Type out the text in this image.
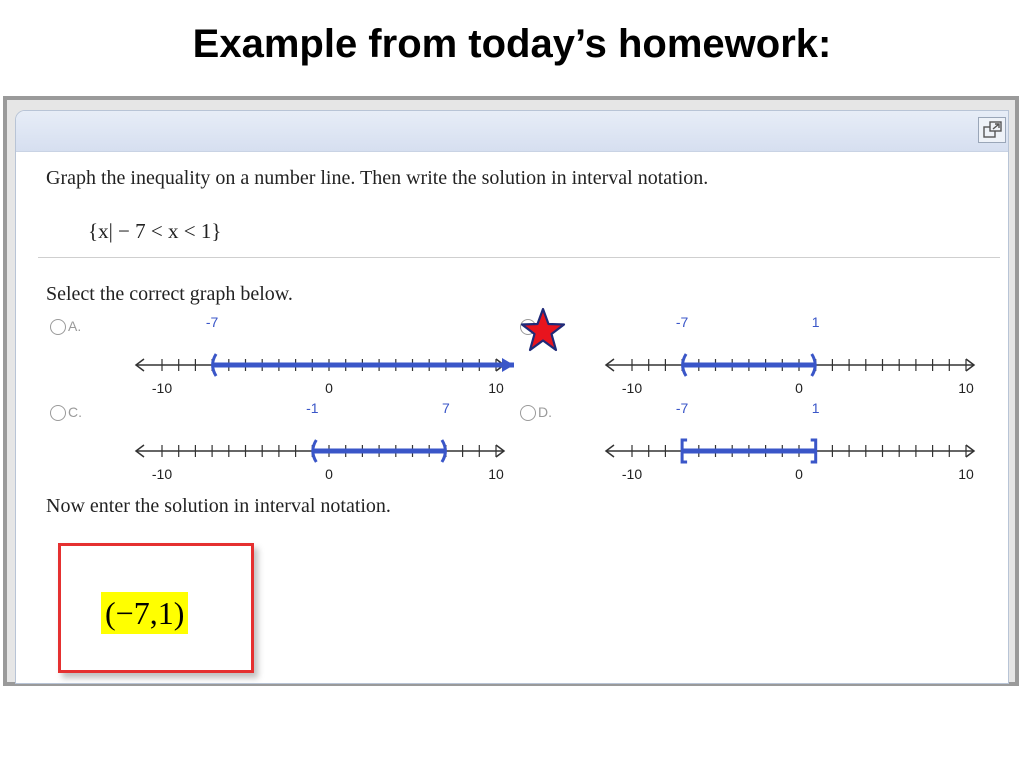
Example from today’s homework:
Graph the inequality on a number line. Then write the solution in interval notation.
{x| − 7 < x < 1}
Select the correct graph below.
A.	-7
-10	0	10
-7	1
-10	0	10
C.	-1	7
-10	0	10
D.	-7	1
-10	0	10
Now enter the solution in interval notation.
(−7,1)
